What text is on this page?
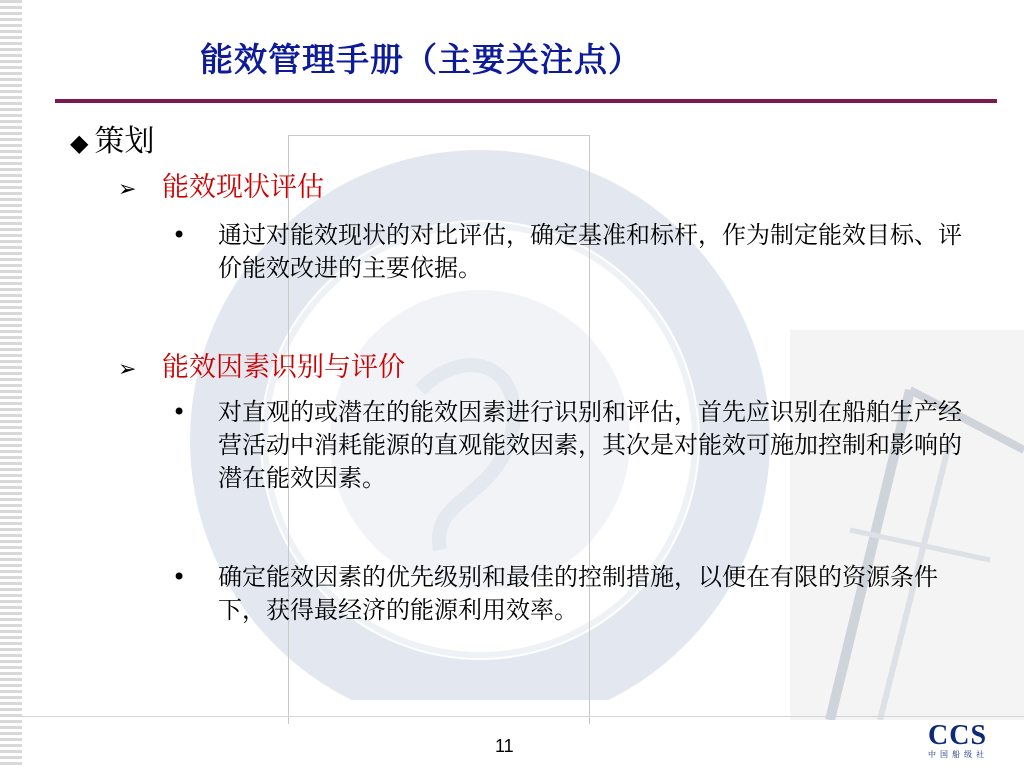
能效管理手册（主要关注点）
◆ 策划
➢ 能效现状评估
•	通过对能效现状的对比评估，确定基准和标杆，作为制定能效目标、评价能效改进的主要依据。
➢ 能效因素识别与评价
•	对直观的或潜在的能效因素进行识别和评估，首先应识别在船舶生产经营活动中消耗能源的直观能效因素，其次是对能效可施加控制和影响的潜在能效因素。
•	确定能效因素的优先级别和最佳的控制措施，以便在有限的资源条件下，获得最经济的能源利用效率。
11	CCS
中国船级社
